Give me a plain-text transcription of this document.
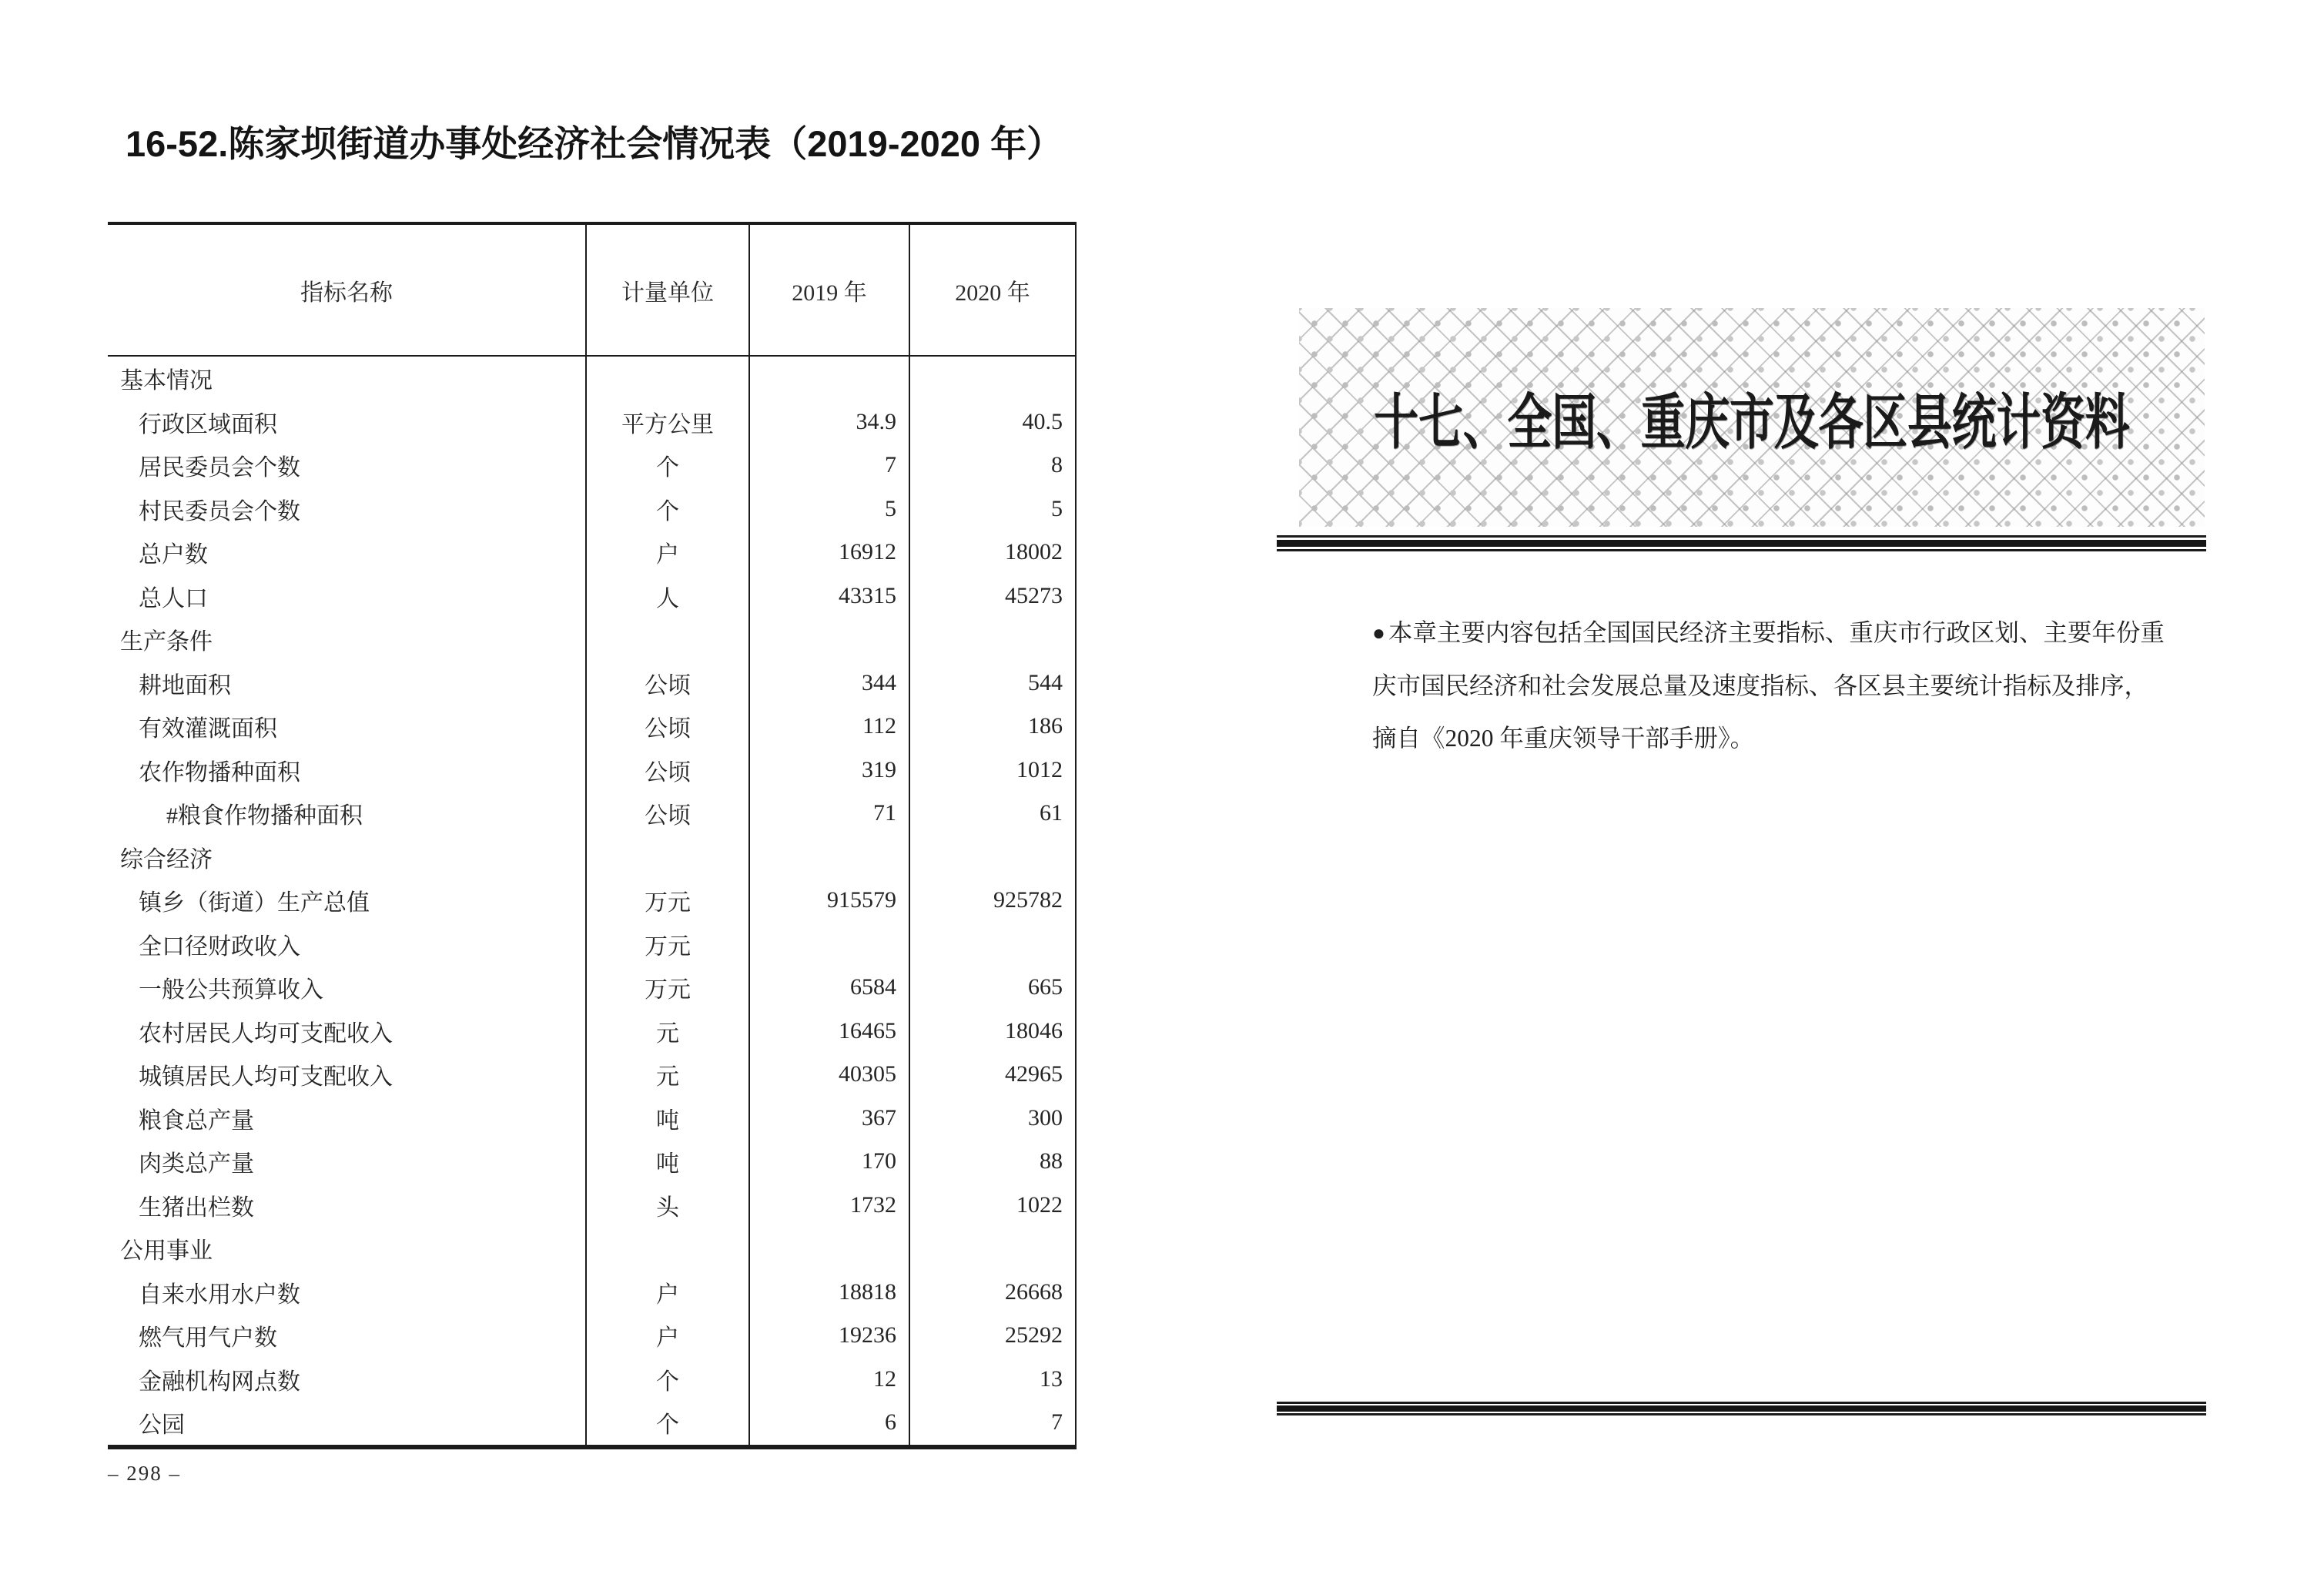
16-52.陈家坝街道办事处经济社会情况表（2019-2020 年）
指标名称	计量单位	2019 年	2020 年
基本情况
行政区域面积	平方公里	34.9	40.5
居民委员会个数	个	7	8
村民委员会个数	个	5	5
总户数	户	16912	18002
总人口	人	43315	45273
生产条件
耕地面积	公顷	344	544
有效灌溉面积	公顷	112	186
农作物播种面积	公顷	319	1012
#粮食作物播种面积	公顷	71	61
综合经济
镇乡（街道）生产总值	万元	915579	925782
全口径财政收入	万元
一般公共预算收入	万元	6584	665
农村居民人均可支配收入	元	16465	18046
城镇居民人均可支配收入	元	40305	42965
粮食总产量	吨	367	300
肉类总产量	吨	170	88
生猪出栏数	头	1732	1022
公用事业
自来水用水户数	户	18818	26668
燃气用气户数	户	19236	25292
金融机构网点数	个	12	13
公园	个	6	7
– 298 –
十七、全国、重庆市及各区县统计资料
● 本章主要内容包括全国国民经济主要指标、重庆市行政区划、主要年份重
庆市国民经济和社会发展总量及速度指标、各区县主要统计指标及排序，
摘自《2020 年重庆领导干部手册》。
